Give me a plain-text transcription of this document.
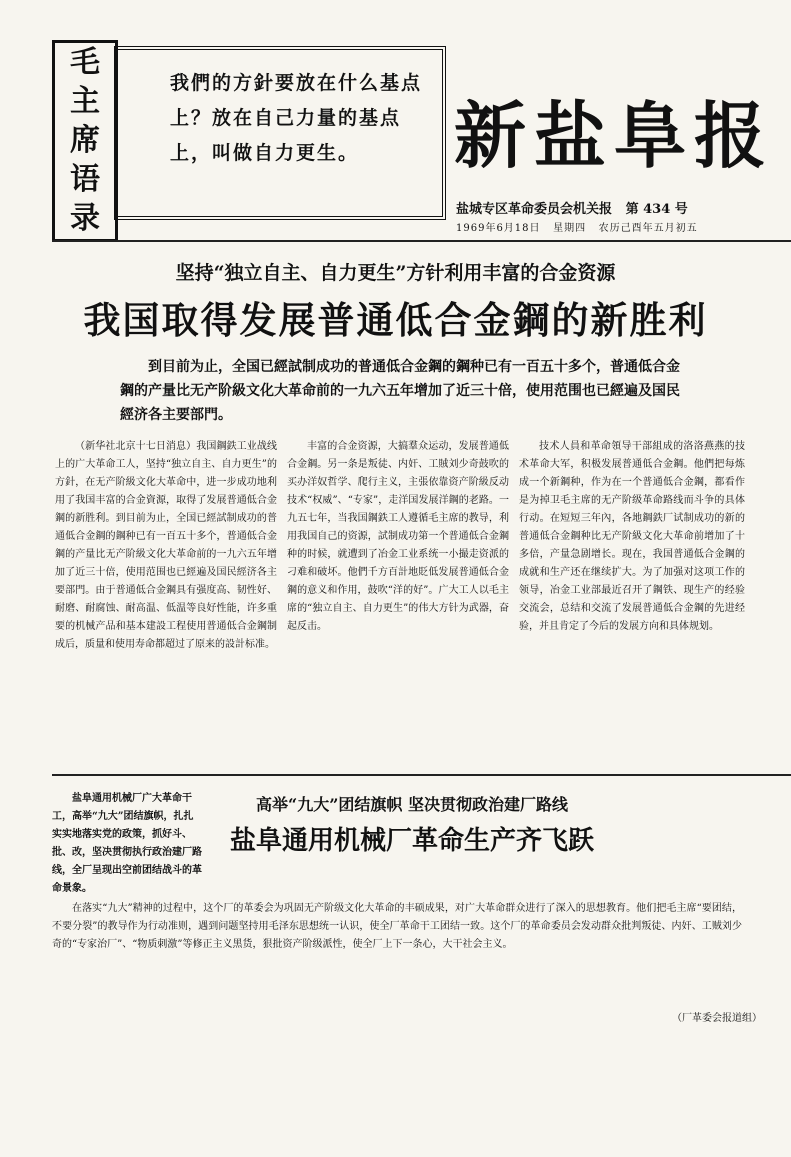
毛
主
席
语
录
我們的方針要放在什么基点上？放在自己力量的基点上，叫做自力更生。	新盐阜报
盐城专区革命委员会机关报 第 434 号
1969年6月18日 星期四 农历己酉年五月初五
坚持“独立自主、自力更生”方针利用丰富的合金资源
我国取得发展普通低合金鋼的新胜利
到目前为止，全国已經試制成功的普通低合金鋼的鋼种已有一百五十多个，普通低合金鋼的产量比无产阶級文化大革命前的一九六五年增加了近三十倍，使用范围也已經遍及国民經济各主要部門。

（新华社北京十七日消息）我国鋼鉄工业战线上的广大革命工人，坚持“独立自主、自力更生”的方針，在无产阶級文化大革命中，进一步成功地利用了我国丰富的合金資源，取得了发展普通低合金鋼的新胜利。到目前为止，全国已經試制成功的普通低合金鋼的鋼种已有一百五十多个，普通低合金鋼的产量比无产阶級文化大革命前的一九六五年增加了近三十倍，使用范围也已經遍及国民經济各主要部門。由于普通低合金鋼具有强度高、韧性好、耐磨、耐腐蚀、耐高温、低温等良好性能，许多重要的机械产品和基本建設工程使用普通低合金鋼制成后，质量和使用寿命都超过了原来的設計标准。

丰富的合金资源，大搞羣众运动，发展普通低合金鋼。另一条是叛徒、内奸、工賊刘少奇鼓吹的买办洋奴哲学、爬行主义，主張依靠资产阶級反动技术“权威”、“专家”，走洋国发展洋鋼的老路。一九五七年，当我国鋼鉄工人遵循毛主席的教导，利用我国自己的资源，試制成功第一个普通低合金鋼种的时候，就遭到了冶金工业系统一小撮走资派的刁难和破坏。他們千方百計地貶低发展普通低合金鋼的意义和作用，鼓吹“洋的好”。广大工人以毛主席的“独立自主、自力更生”的伟大方针为武器，奋起反击。

技术人員和革命領导干部組成的洛洛燕燕的技术革命大军，积极发展普通低合金鋼。他們把每炼成一个新鋼种，作为在一个普通低合金鋼，都看作是为掉卫毛主席的无产阶级革命路线而斗争的具体行动。在短短三年內，各地鋼鉄厂试制成功的新的普通低合金鋼种比无产阶級文化大革命前增加了十多倍，产量急剧增长。现在，我国普通低合金鋼的成就和生产还在继续扩大。为了加强对这项工作的领导，冶金工业部最近召开了鋼铁、现生产的经验交流会，总结和交流了发展普通低合金鋼的先进经验，并且肯定了今后的发展方向和具体规划。

盐阜通用机械厂广大革命干工，高举“九大”团结旗帜，扎扎实实地落实党的政策，抓好斗、批、改，坚决贯彻执行政治建厂路线，全厂呈现出空前团结战斗的革命景象。
高举“九大”团结旗帜 坚决贯彻政治建厂路线
盐阜通用机械厂革命生产齐飞跃

在落实“九大”精神的过程中，这个厂的革委会为巩固无产阶级文化大革命的丰硕成果，对广大革命群众进行了深入的思想教育。他们把毛主席“要团结，不要分裂”的教导作为行动准则，遇到问题坚持用毛泽东思想统一认识，使全厂革命干工团结一致。这个厂的革命委员会发动群众批判叛徒、内奸、工贼刘少奇的“专家治厂”、“物质刺激”等修正主义黑货，狠批资产阶级派性，使全厂上下一条心，大干社会主义。

（厂革委会报道组）
